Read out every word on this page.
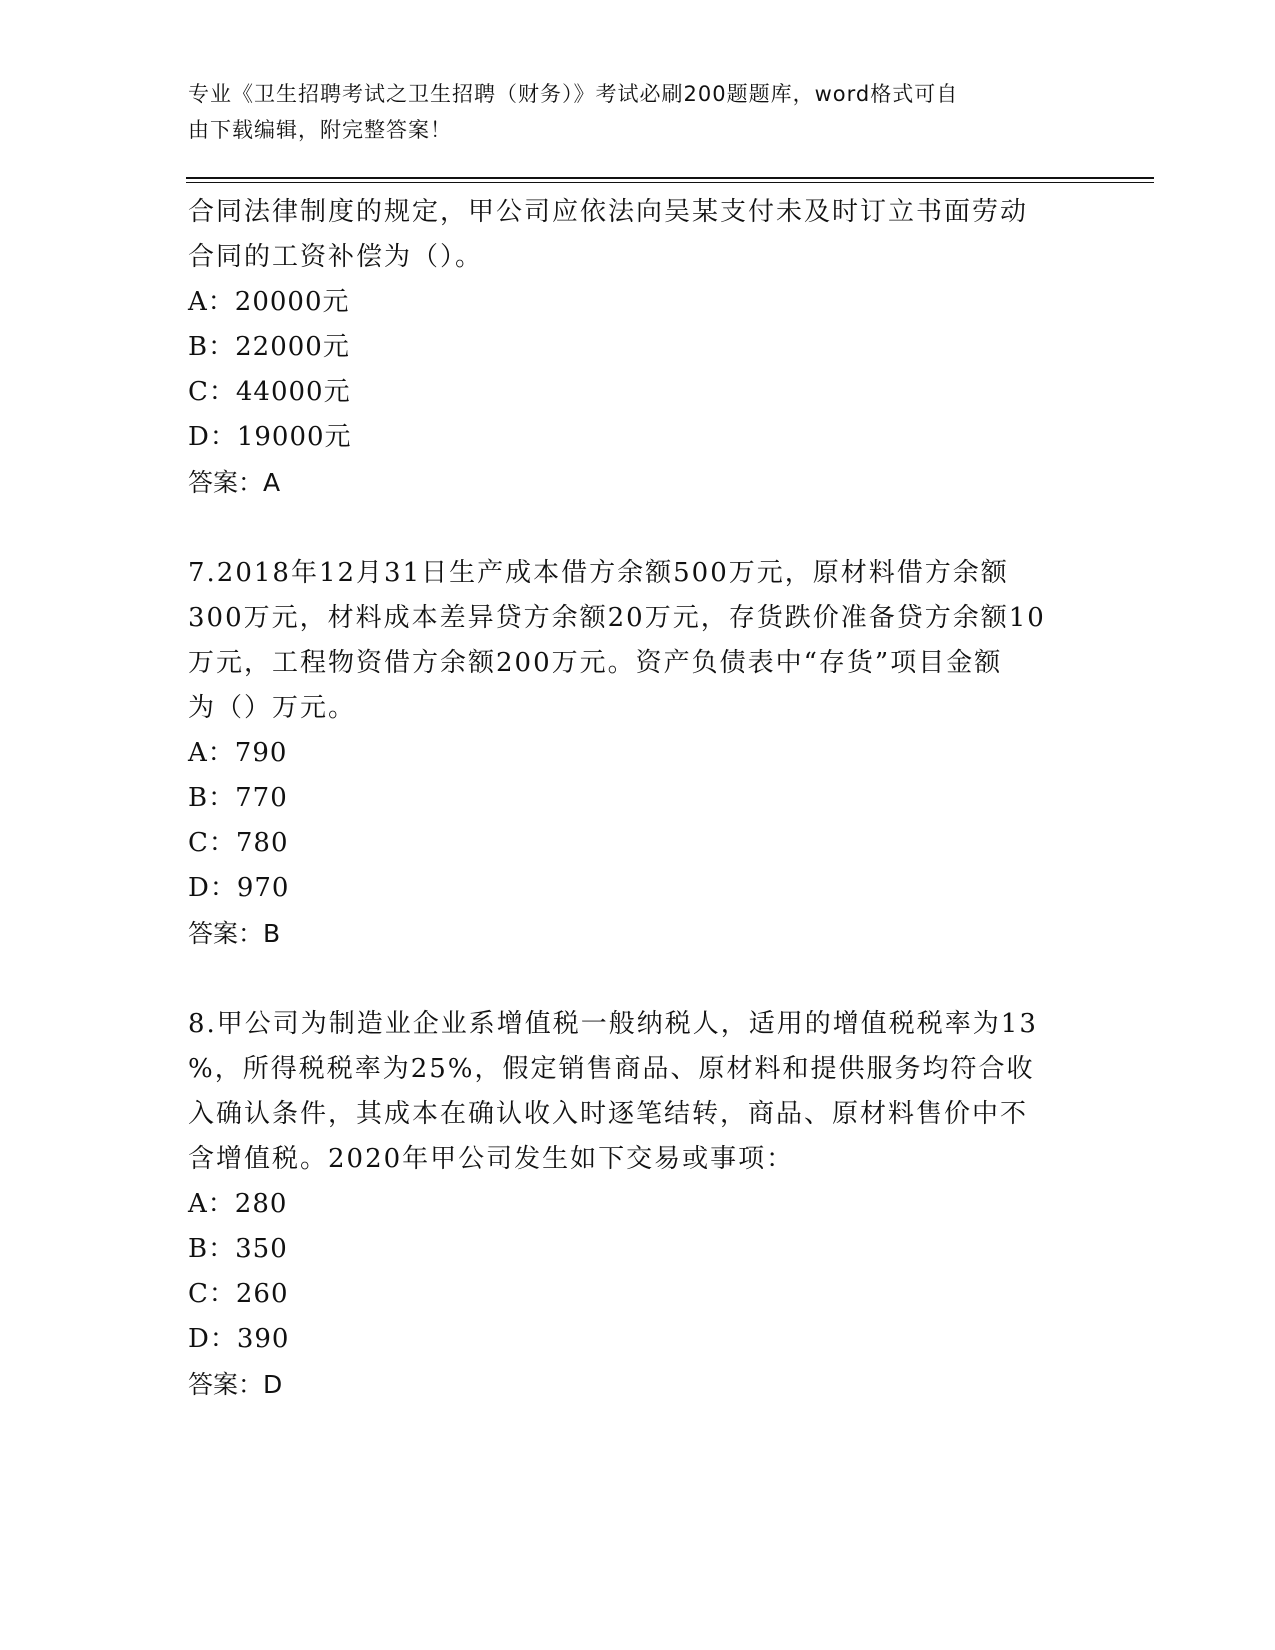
专业《卫生招聘考试之卫生招聘（财务）》考试必刷200题题库，word格式可自
由下载编辑，附完整答案！

合同法律制度的规定，甲公司应依法向吴某支付未及时订立书面劳动

合同的工资补偿为（）。

A：20000元

B：22000元

C：44000元

D：19000元

答案：A

7.2018年12月31日生产成本借方余额500万元，原材料借方余额

300万元，材料成本差异贷方余额20万元，存货跌价准备贷方余额10

万元，工程物资借方余额200万元。资产负债表中“存货”项目金额

为（）万元。

A：790

B：770

C：780

D：970

答案：B

8.甲公司为制造业企业系增值税一般纳税人，适用的增值税税率为13

%，所得税税率为25%，假定销售商品、原材料和提供服务均符合收

入确认条件，其成本在确认收入时逐笔结转，商品、原材料售价中不

含增值税。2020年甲公司发生如下交易或事项：

A：280

B：350

C：260

D：390

答案：D
